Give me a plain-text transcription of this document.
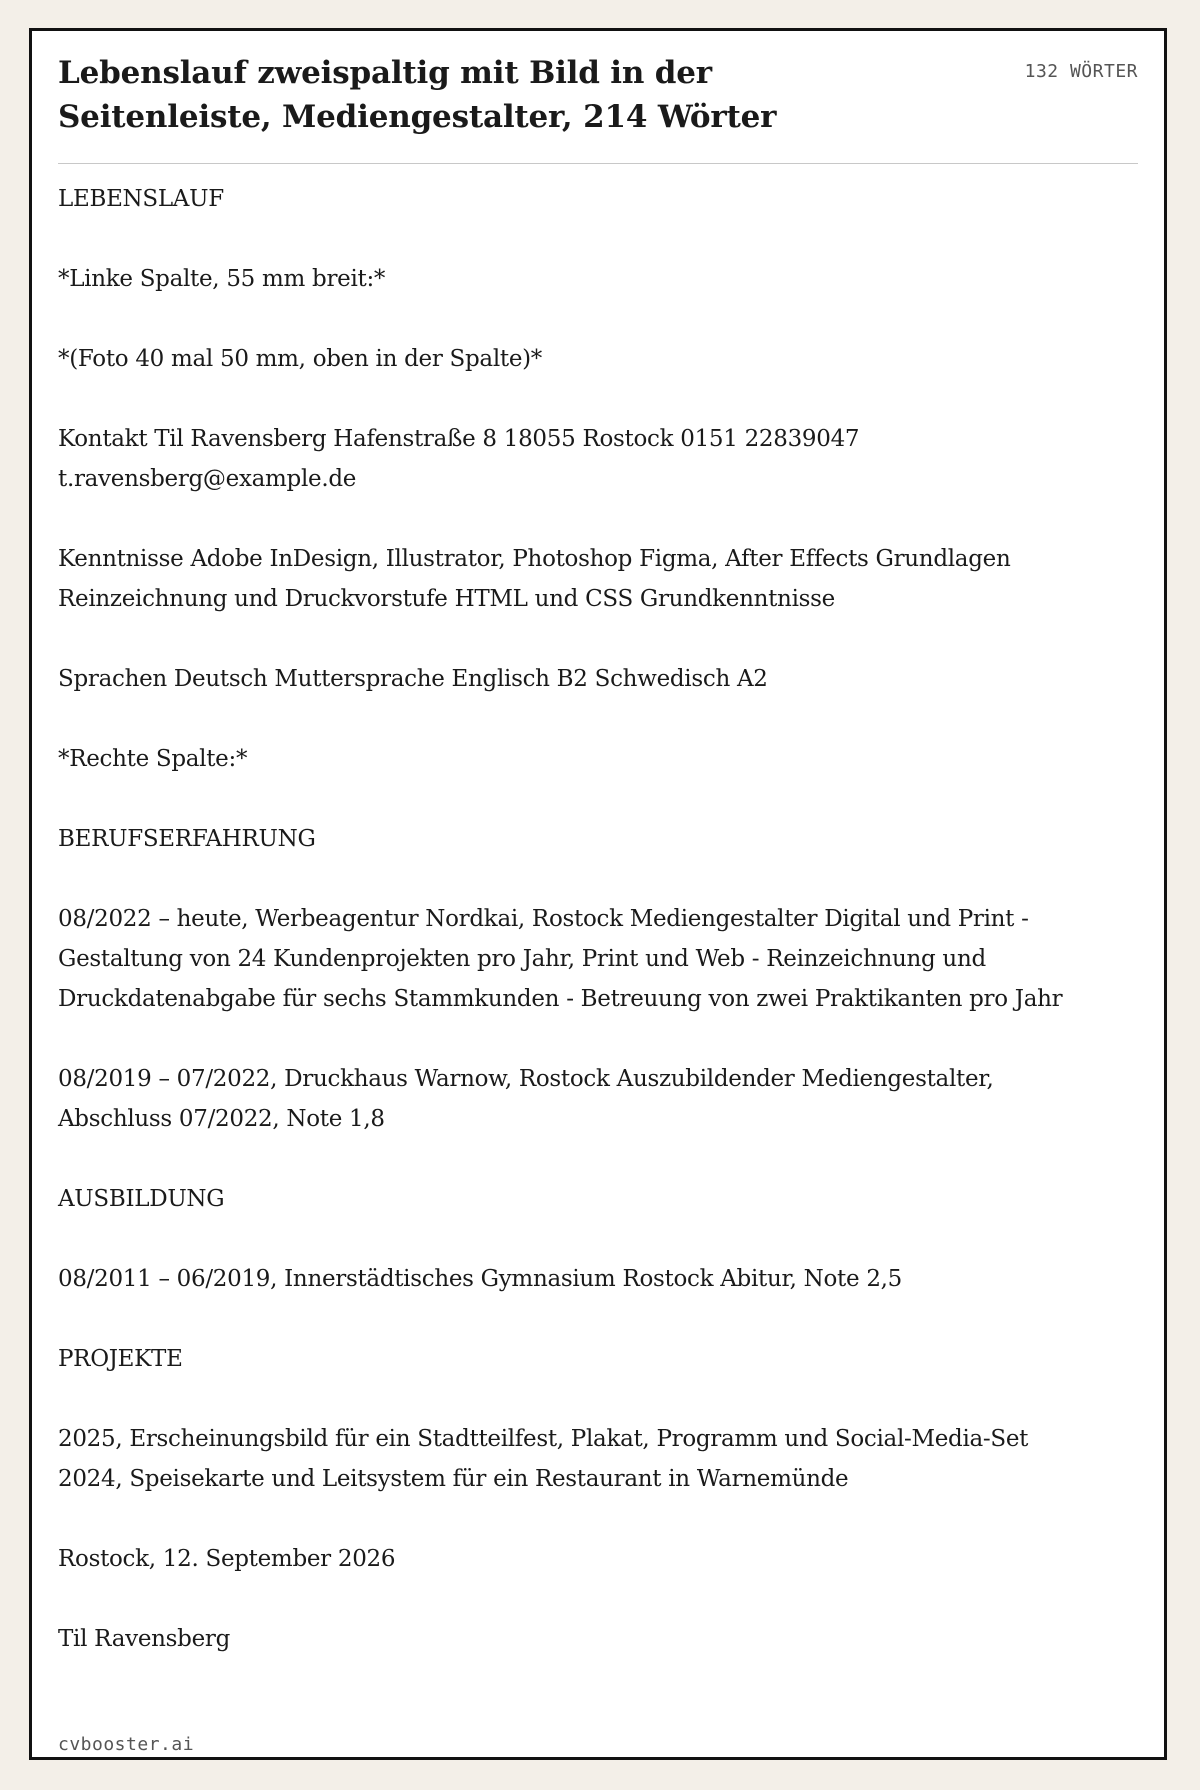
Lebenslauf zweispaltig mit Bild in der Seitenleiste, Mediengestalter, 214 Wörter
132 WÖRTER

LEBENSLAUF

*Linke Spalte, 55 mm breit:*

*(Foto 40 mal 50 mm, oben in der Spalte)*

Kontakt Til Ravensberg Hafenstraße 8 18055 Rostock 0151 22839047 t.ravensberg@example.de

Kenntnisse Adobe InDesign, Illustrator, Photoshop Figma, After Effects Grundlagen Reinzeichnung und Druckvorstufe HTML und CSS Grundkenntnisse

Sprachen Deutsch Muttersprache Englisch B2 Schwedisch A2

*Rechte Spalte:*

BERUFSERFAHRUNG

08/2022 – heute, Werbeagentur Nordkai, Rostock Mediengestalter Digital und Print - Gestaltung von 24 Kundenprojekten pro Jahr, Print und Web - Reinzeichnung und Druckdatenabgabe für sechs Stammkunden - Betreuung von zwei Praktikanten pro Jahr

08/2019 – 07/2022, Druckhaus Warnow, Rostock Auszubildender Mediengestalter, Abschluss 07/2022, Note 1,8

AUSBILDUNG

08/2011 – 06/2019, Innerstädtisches Gymnasium Rostock Abitur, Note 2,5

PROJEKTE

2025, Erscheinungsbild für ein Stadtteilfest, Plakat, Programm und Social-Media-Set 2024, Speisekarte und Leitsystem für ein Restaurant in Warnemünde

Rostock, 12. September 2026

Til Ravensberg

cvbooster.ai
